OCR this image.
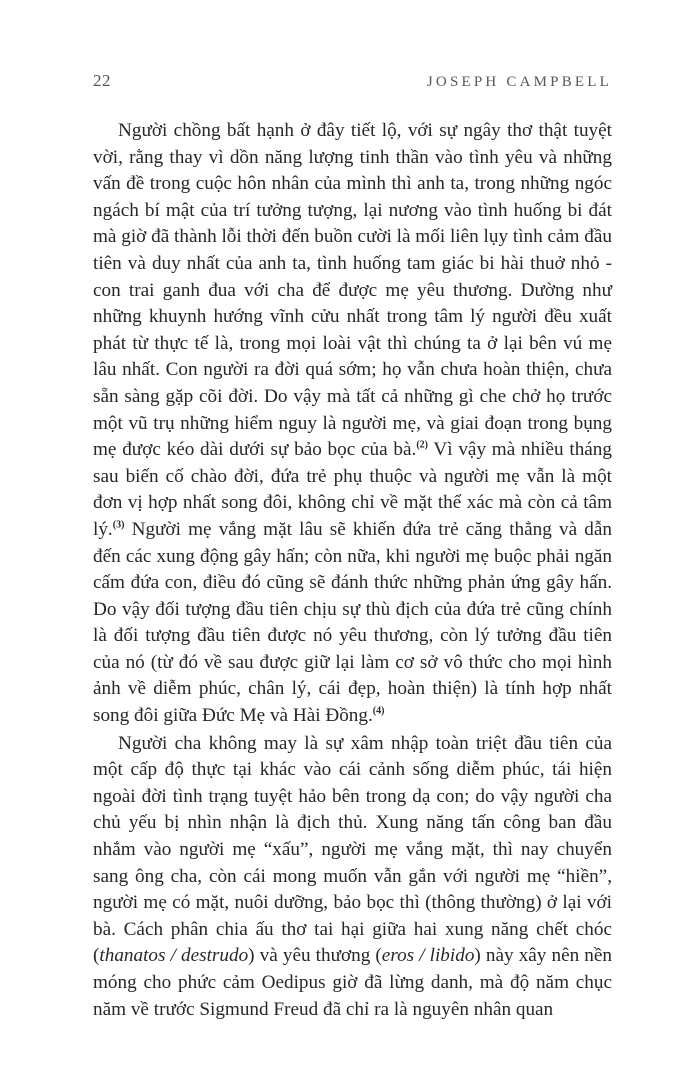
22	JOSEPH CAMPBELL

Người chồng bất hạnh ở đây tiết lộ, với sự ngây thơ thật tuyệt vời, rằng thay vì dồn năng lượng tinh thần vào tình yêu và những vấn đề trong cuộc hôn nhân của mình thì anh ta, trong những ngóc ngách bí mật của trí tưởng tượng, lại nương vào tình huống bi đát mà giờ đã thành lỗi thời đến buồn cười là mối liên lụy tình cảm đầu tiên và duy nhất của anh ta, tình huống tam giác bi hài thuở nhỏ - con trai ganh đua với cha để được mẹ yêu thương. Dường như những khuynh hướng vĩnh cửu nhất trong tâm lý người đều xuất phát từ thực tế là, trong mọi loài vật thì chúng ta ở lại bên vú mẹ lâu nhất. Con người ra đời quá sớm; họ vẫn chưa hoàn thiện, chưa sẵn sàng gặp cõi đời. Do vậy mà tất cả những gì che chở họ trước một vũ trụ những hiểm nguy là người mẹ, và giai đoạn trong bụng mẹ được kéo dài dưới sự bảo bọc của bà.$^{(2)}$ Vì vậy mà nhiều tháng sau biến cố chào đời, đứa trẻ phụ thuộc và người mẹ vẫn là một đơn vị hợp nhất song đôi, không chỉ về mặt thể xác mà còn cả tâm lý.$^{(3)}$ Người mẹ vắng mặt lâu sẽ khiến đứa trẻ căng thẳng và dẫn đến các xung động gây hấn; còn nữa, khi người mẹ buộc phải ngăn cấm đứa con, điều đó cũng sẽ đánh thức những phản ứng gây hấn. Do vậy đối tượng đầu tiên chịu sự thù địch của đứa trẻ cũng chính là đối tượng đầu tiên được nó yêu thương, còn lý tưởng đầu tiên của nó (từ đó về sau được giữ lại làm cơ sở vô thức cho mọi hình ảnh về diễm phúc, chân lý, cái đẹp, hoàn thiện) là tính hợp nhất song đôi giữa Đức Mẹ và Hài Đồng.$^{(4)}$

Người cha không may là sự xâm nhập toàn triệt đầu tiên của một cấp độ thực tại khác vào cái cảnh sống diễm phúc, tái hiện ngoài đời tình trạng tuyệt hảo bên trong dạ con; do vậy người cha chủ yếu bị nhìn nhận là địch thủ. Xung năng tấn công ban đầu nhắm vào người mẹ “xấu”, người mẹ vắng mặt, thì nay chuyển sang ông cha, còn cái mong muốn vẫn gắn với người mẹ “hiền”, người mẹ có mặt, nuôi dưỡng, bảo bọc thì (thông thường) ở lại với bà. Cách phân chia ấu thơ tai hại giữa hai xung năng chết chóc (thanatos / destrudo) và yêu thương (eros / libido) này xây nên nền móng cho phức cảm Oedipus giờ đã lừng danh, mà độ năm chục năm về trước Sigmund Freud đã chỉ ra là nguyên nhân quan
